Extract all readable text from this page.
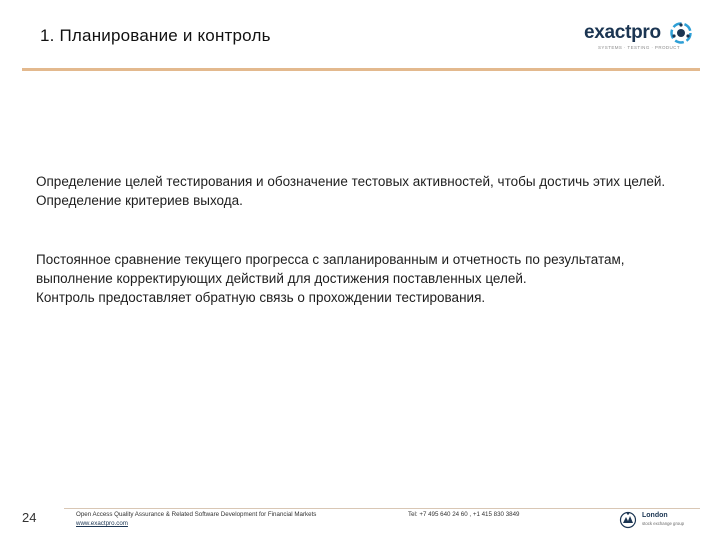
1. Планирование и контроль	exactpro
SYSTEMS · TESTING · PRODUCT
Определение целей тестирования и обозначение тестовых активностей, чтобы достичь этих целей. Определение критериев выхода.
Постоянное сравнение текущего прогресса с запланированным и отчетность по результатам, выполнение корректирующих действий для достижения поставленных целей.
Контроль предоставляет обратную связь о прохождении тестирования.
24	Open Access Quality Assurance & Related Software Development for Financial Markets
www.exactpro.com
Tel: +7 495 640 24 60 , +1 415 830 3849	London
stock exchange group
